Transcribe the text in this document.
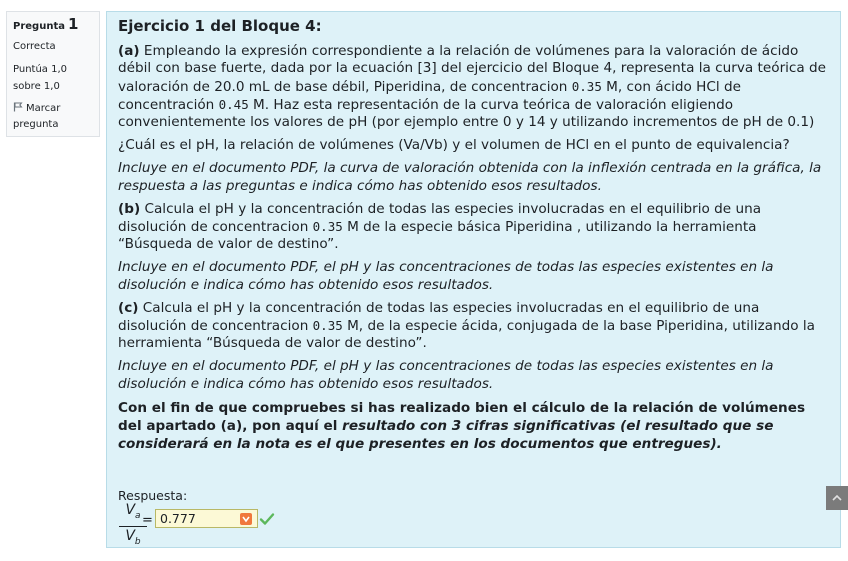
Pregunta 1
Correcta
Puntúa 1,0 sobre 1,0
Marcar pregunta
Ejercicio 1 del Bloque 4:

(a) Empleando la expresión correspondiente a la relación de volúmenes para la valoración de ácido débil con base fuerte, dada por la ecuación [3] del ejercicio del Bloque 4, representa la curva teórica de valoración de 20.0 mL de base débil, Piperidina, de concentracion 0.35 M, con ácido HCl de concentración 0.45 M. Haz esta representación de la curva teórica de valoración eligiendo convenientemente los valores de pH (por ejemplo entre 0 y 14 y utilizando incrementos de pH de 0.1)

¿Cuál es el pH, la relación de volúmenes (Va/Vb) y el volumen de HCl en el punto de equivalencia?

Incluye en el documento PDF, la curva de valoración obtenida con la inflexión centrada en la gráfica, la respuesta a las preguntas e indica cómo has obtenido esos resultados.

(b) Calcula el pH y la concentración de todas las especies involucradas en el equilibrio de una disolución de concentracion 0.35 M de la especie básica Piperidina , utilizando la herramienta “Búsqueda de valor de destino”.

Incluye en el documento PDF, el pH y las concentraciones de todas las especies existentes en la disolución e indica cómo has obtenido esos resultados.

(c) Calcula el pH y la concentración de todas las especies involucradas en el equilibrio de una disolución de concentracion 0.35 M, de la especie ácida, conjugada de la base Piperidina, utilizando la herramienta “Búsqueda de valor de destino”.

Incluye en el documento PDF, el pH y las concentraciones de todas las especies existentes en la disolución e indica cómo has obtenido esos resultados.

Con el fin de que compruebes si has realizado bien el cálculo de la relación de volúmenes del apartado (a), pon aquí el resultado con 3 cifras significativas (el resultado que se considerará en la nota es el que presentes en los documentos que entregues).

Respuesta:
$\frac{V_a}{V_b}$
=
0.777
